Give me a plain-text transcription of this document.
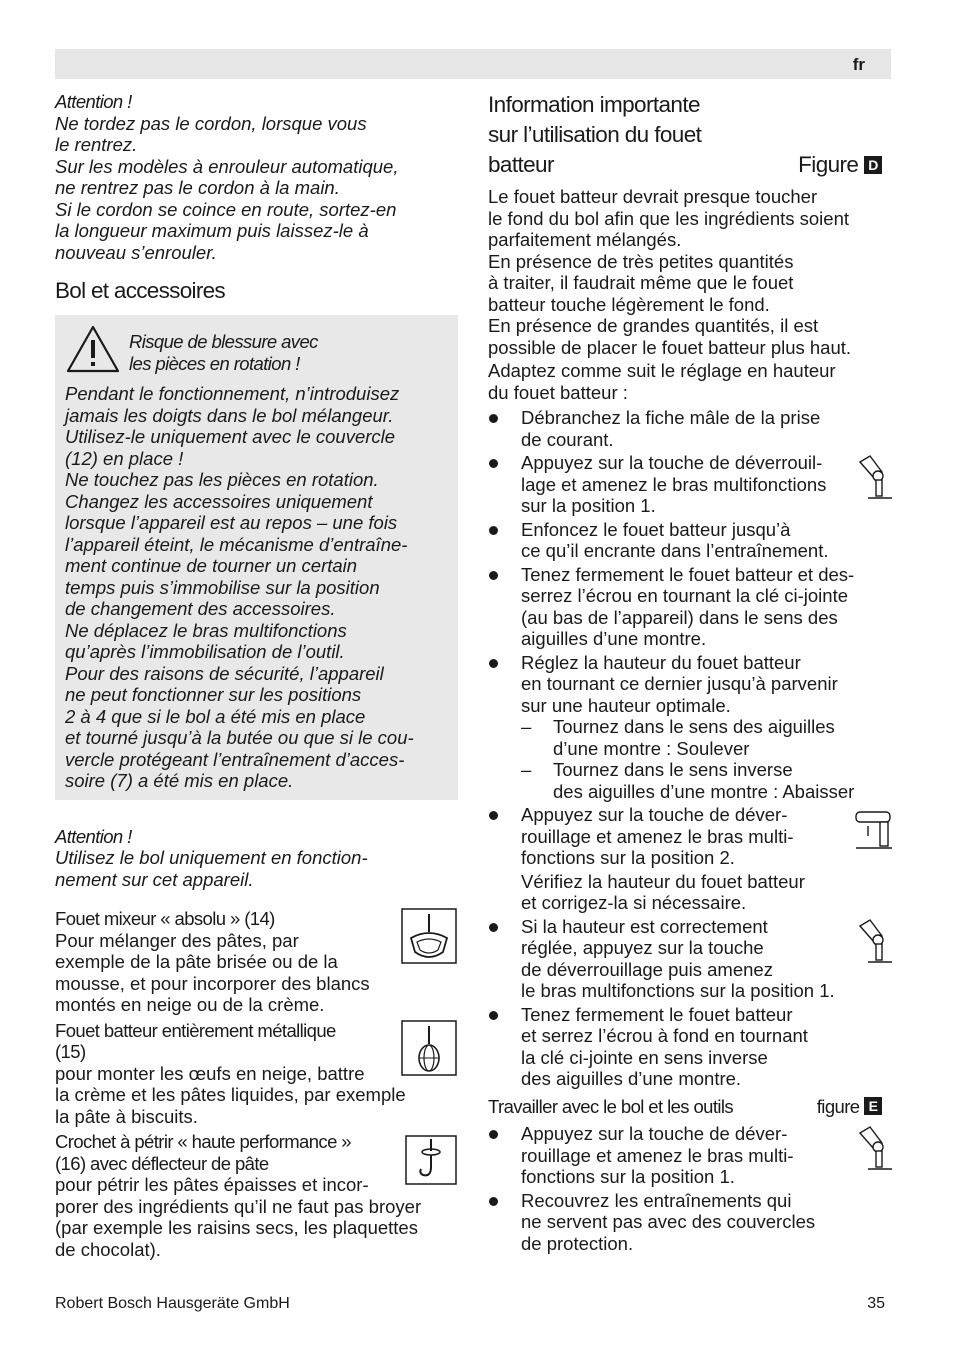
fr
Attention !
Ne tordez pas le cordon, lorsque vous
le rentrez.
Sur les modèles à enrouleur automatique,
ne rentrez pas le cordon à la main.
Si le cordon se coince en route, sortez-en
la longueur maximum puis laissez-le à
nouveau s’enrouler.
Bol et accessoires
Risque de blessure avec
les pièces en rotation !
Pendant le fonctionnement, n’introduisez
jamais les doigts dans le bol mélangeur.
Utilisez-le uniquement avec le couvercle
(12) en place !
Ne touchez pas les pièces en rotation.
Changez les accessoires uniquement
lorsque l’appareil est au repos – une fois
l’appareil éteint, le mécanisme d’entraîne-
ment continue de tourner un certain
temps puis s’immobilise sur la position
de changement des accessoires.
Ne déplacez le bras multifonctions
qu’après l’immobilisation de l’outil.
Pour des raisons de sécurité, l’appareil
ne peut fonctionner sur les positions
2 à 4 que si le bol a été mis en place
et tourné jusqu’à la butée ou que si le cou-
vercle protégeant l’entraînement d’acces-
soire (7) a été mis en place.
Attention !
Utilisez le bol uniquement en fonction-
nement sur cet appareil.
Fouet mixeur « absolu » (14)
Pour mélanger des pâtes, par
exemple de la pâte brisée ou de la
mousse, et pour incorporer des blancs
montés en neige ou de la crème.
Fouet batteur entièrement métallique
(15)
pour monter les œufs en neige, battre
la crème et les pâtes liquides, par exemple
la pâte à biscuits.
Crochet à pétrir « haute performance »
(16) avec déflecteur de pâte
pour pétrir les pâtes épaisses et incor-
porer des ingrédients qu’il ne faut pas broyer
(par exemple les raisins secs, les plaquettes
de chocolat).
Information importante
sur l’utilisation du fouet
batteur	Figure D
Le fouet batteur devrait presque toucher
le fond du bol afin que les ingrédients soient
parfaitement mélangés.
En présence de très petites quantités
à traiter, il faudrait même que le fouet
batteur touche légèrement le fond.
En présence de grandes quantités, il est
possible de placer le fouet batteur plus haut.
Adaptez comme suit le réglage en hauteur
du fouet batteur :
Débranchez la fiche mâle de la prise
de courant.
Appuyez sur la touche de déverrouil-
lage et amenez le bras multifonctions
sur la position 1.
Enfoncez le fouet batteur jusqu’à
ce qu’il encrante dans l’entraînement.
Tenez fermement le fouet batteur et des-
serrez l’écrou en tournant la clé ci-jointe
(au bas de l’appareil) dans le sens des
aiguilles d’une montre.
Réglez la hauteur du fouet batteur
en tournant ce dernier jusqu’à parvenir
sur une hauteur optimale.
– Tournez dans le sens des aiguilles
d’une montre : Soulever
– Tournez dans le sens inverse
des aiguilles d’une montre : Abaisser
Appuyez sur la touche de déver-
rouillage et amenez le bras multi-
fonctions sur la position 2.
Vérifiez la hauteur du fouet batteur
et corrigez-la si nécessaire.
Si la hauteur est correctement
réglée, appuyez sur la touche
de déverrouillage puis amenez
le bras multifonctions sur la position 1.
Tenez fermement le fouet batteur
et serrez l’écrou à fond en tournant
la clé ci-jointe en sens inverse
des aiguilles d’une montre.
Travailler avec le bol et les outils	figure E
Appuyez sur la touche de déver-
rouillage et amenez le bras multi-
fonctions sur la position 1.
Recouvrez les entraînements qui
ne servent pas avec des couvercles
de protection.
Robert Bosch Hausgeräte GmbH	35
